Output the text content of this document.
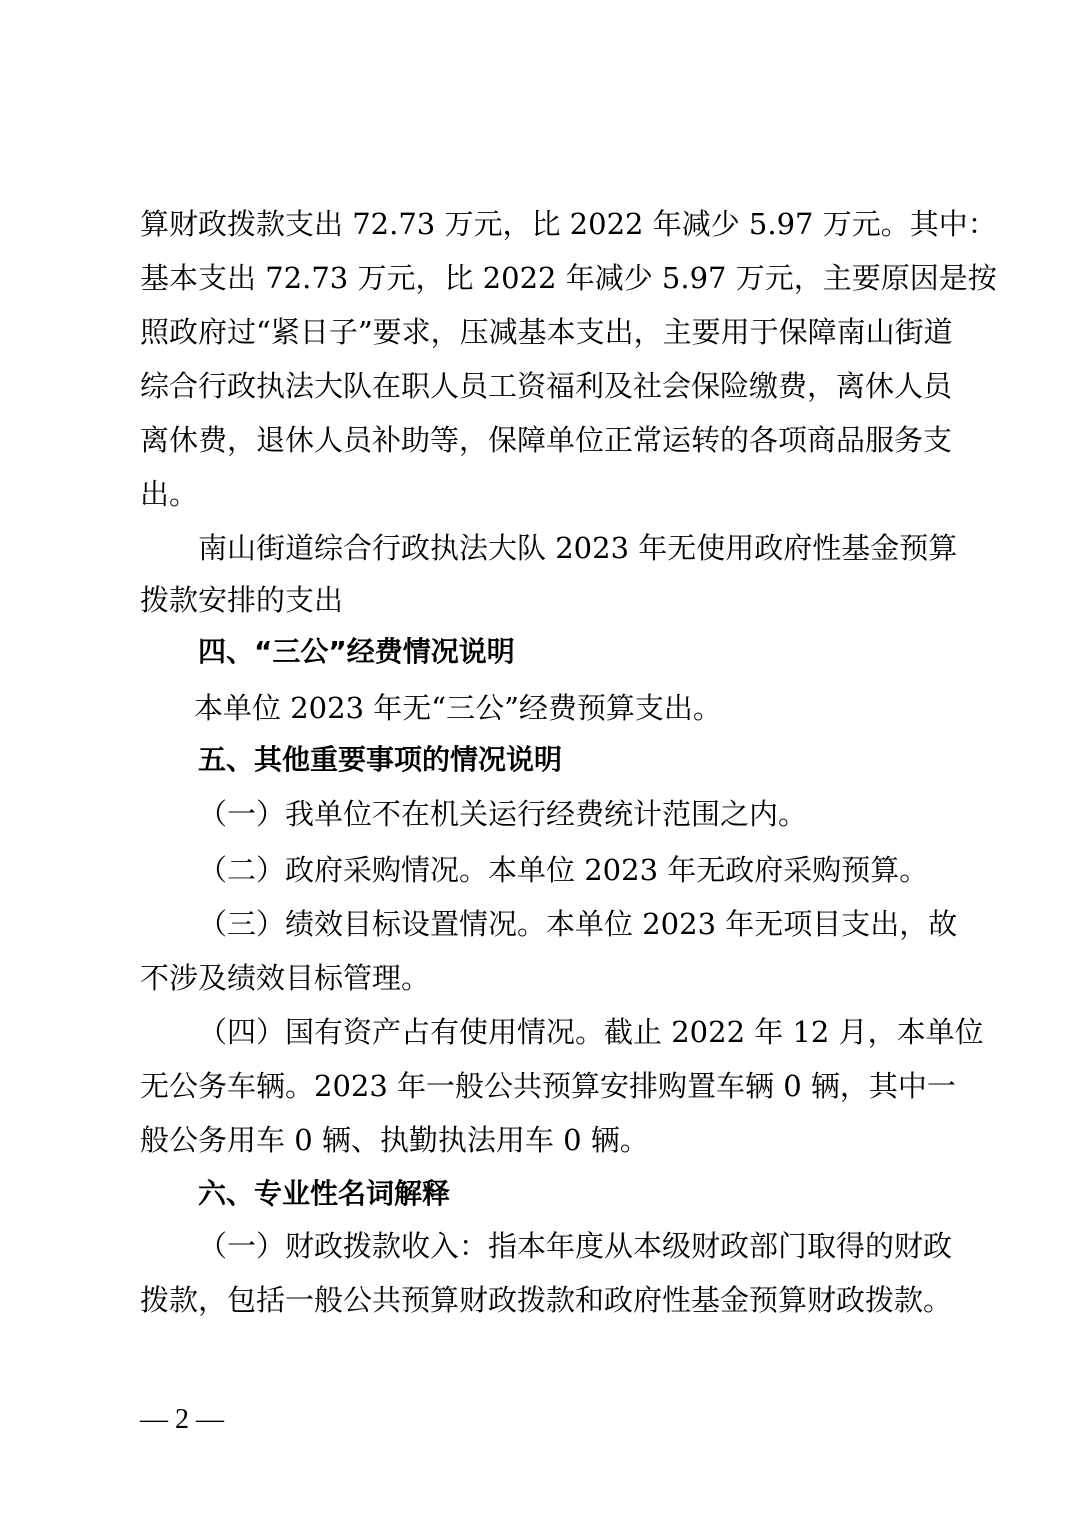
算财政拨款支出 72.73 万元，比 2022 年减少 5.97 万元。其中：
基本支出 72.73 万元，比 2022 年减少 5.97 万元，主要原因是按
照政府过“紧日子”要求，压减基本支出，主要用于保障南山街道
综合行政执法大队在职人员工资福利及社会保险缴费，离休人员
离休费，退休人员补助等，保障单位正常运转的各项商品服务支
出。
南山街道综合行政执法大队 2023 年无使用政府性基金预算
拨款安排的支出
四、“三公”经费情况说明
本单位 2023 年无“三公”经费预算支出。
五、其他重要事项的情况说明
（一）我单位不在机关运行经费统计范围之内。
（二）政府采购情况。本单位 2023 年无政府采购预算。
（三）绩效目标设置情况。本单位 2023 年无项目支出，故
不涉及绩效目标管理。
（四）国有资产占有使用情况。截止 2022 年 12 月，本单位
无公务车辆。2023 年一般公共预算安排购置车辆 0 辆，其中一
般公务用车 0 辆、执勤执法用车 0 辆。
六、专业性名词解释
（一）财政拨款收入：指本年度从本级财政部门取得的财政
拨款，包括一般公共预算财政拨款和政府性基金预算财政拨款。
— 2 —
